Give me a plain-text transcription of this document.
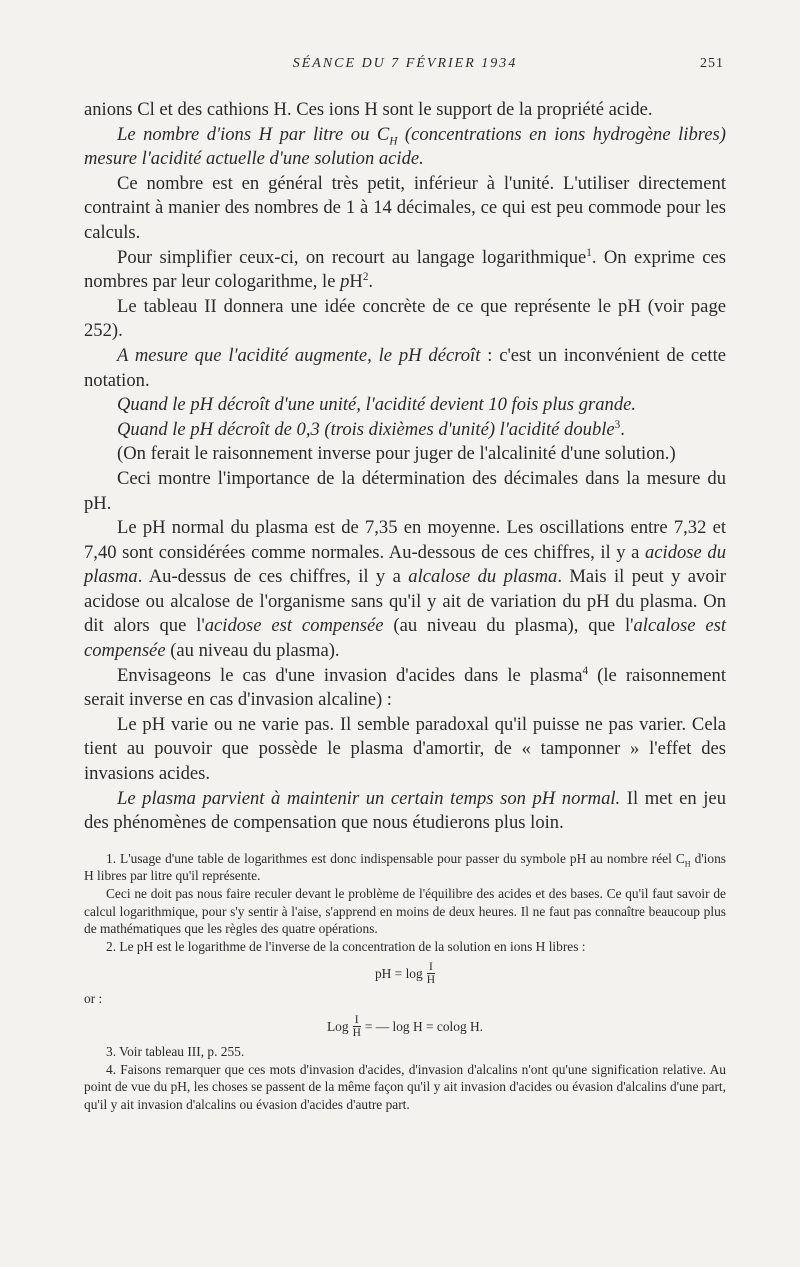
SÉANCE DU 7 FÉVRIER 1934	251

anions Cl et des cathions H. Ces ions H sont le support de la propriété acide.

Le nombre d'ions H par litre ou $C_H$ (concentrations en ions hydrogène libres) mesure l'acidité actuelle d'une solution acide.

Ce nombre est en général très petit, inférieur à l'unité. L'utiliser directement contraint à manier des nombres de 1 à 14 décimales, ce qui est peu commode pour les calculs.

Pour simplifier ceux-ci, on recourt au langage logarithmique$^1$. On exprime ces nombres par leur cologarithme, le $pH^2$.

Le tableau II donnera une idée concrète de ce que représente le pH (voir page 252).

A mesure que l'acidité augmente, le pH décroît : c'est un inconvénient de cette notation.

Quand le pH décroît d'une unité, l'acidité devient 10 fois plus grande.

Quand le pH décroît de 0,3 (trois dixièmes d'unité) l'acidité double$^3$.

(On ferait le raisonnement inverse pour juger de l'alcalinité d'une solution.)

Ceci montre l'importance de la détermination des décimales dans la mesure du pH.

Le pH normal du plasma est de 7,35 en moyenne. Les oscillations entre 7,32 et 7,40 sont considérées comme normales. Au-dessous de ces chiffres, il y a acidose du plasma. Au-dessus de ces chiffres, il y a alcalose du plasma. Mais il peut y avoir acidose ou alcalose de l'organisme sans qu'il y ait de variation du pH du plasma. On dit alors que l'acidose est compensée (au niveau du plasma), que l'alcalose est compensée (au niveau du plasma).

Envisageons le cas d'une invasion d'acides dans le plasma$^4$ (le raisonnement serait inverse en cas d'invasion alcaline) :

Le pH varie ou ne varie pas. Il semble paradoxal qu'il puisse ne pas varier. Cela tient au pouvoir que possède le plasma d'amortir, de « tamponner » l'effet des invasions acides.

Le plasma parvient à maintenir un certain temps son pH normal. Il met en jeu des phénomènes de compensation que nous étudierons plus loin.

1. L'usage d'une table de logarithmes est donc indispensable pour passer du symbole pH au nombre réel $C_H$ d'ions H libres par litre qu'il représente.

Ceci ne doit pas nous faire reculer devant le problème de l'équilibre des acides et des bases. Ce qu'il faut savoir de calcul logarithmique, pour s'y sentir à l'aise, s'apprend en moins de deux heures. Il ne faut pas connaître beaucoup plus de mathématiques que les règles des quatre opérations.

2. Le pH est le logarithme de l'inverse de la concentration de la solution en ions H libres :

pH = $\log \frac{I}{H}$

or :

Log $\frac{I}{H}$ = — log H = colog H.

3. Voir tableau III, p. 255.

4. Faisons remarquer que ces mots d'invasion d'acides, d'invasion d'alcalins n'ont qu'une signification relative. Au point de vue du pH, les choses se passent de la même façon qu'il y ait invasion d'acides ou évasion d'alcalins d'une part, qu'il y ait invasion d'alcalins ou évasion d'acides d'autre part.
